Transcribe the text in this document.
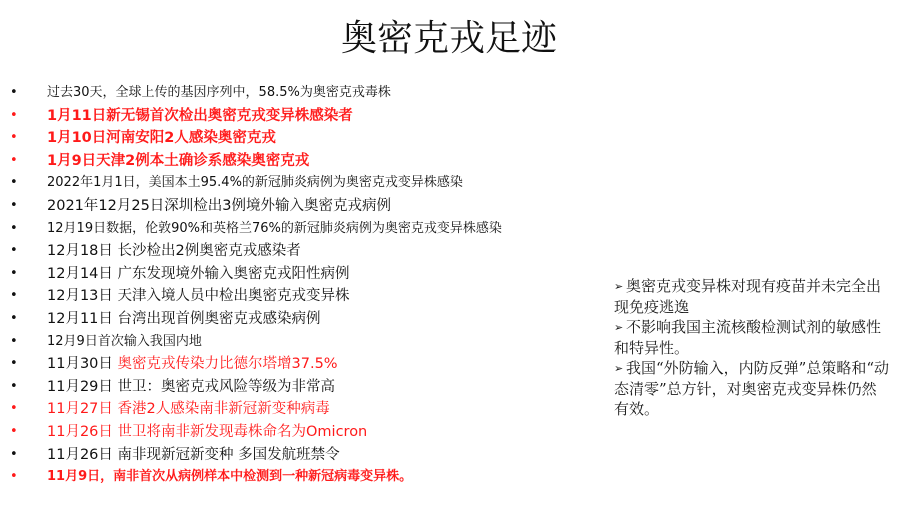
奥密克戎足迹
• 过去30天，全球上传的基因序列中，58.5%为奥密克戎毒株
• 1月11日新无锡首次检出奥密克戎变异株感染者
• 1月10日河南安阳2人感染奥密克戎
• 1月9日天津2例本土确诊系感染奥密克戎
• 2022年1月1日，美国本土95.4%的新冠肺炎病例为奥密克戎变异株感染
• 2021年12月25日深圳检出3例境外输入奥密克戎病例
• 12月19日数据，伦敦90%和英格兰76%的新冠肺炎病例为奥密克戎变异株感染
• 12月18日 长沙检出2例奥密克戎感染者
• 12月14日 广东发现境外输入奥密克戎阳性病例
• 12月13日 天津入境人员中检出奥密克戎变异株
• 12月11日 台湾出现首例奥密克戎感染病例
• 12月9日首次输入我国内地
• 11月30日 奥密克戎传染力比德尔塔增37.5%
• 11月29日 世卫：奥密克戎风险等级为非常高
• 11月27日 香港2人感染南非新冠新变种病毒
• 11月26日 世卫将南非新发现毒株命名为Omicron
• 11月26日 南非现新冠新变种 多国发航班禁令
• 11月9日，南非首次从病例样本中检测到一种新冠病毒变异株。
➢ 奥密克戎变异株对现有疫苗并未完全出现免疫逃逸
➢ 不影响我国主流核酸检测试剂的敏感性和特异性。
➢ 我国“外防输入，内防反弹”总策略和“动态清零”总方针，对奥密克戎变异株仍然有效。
